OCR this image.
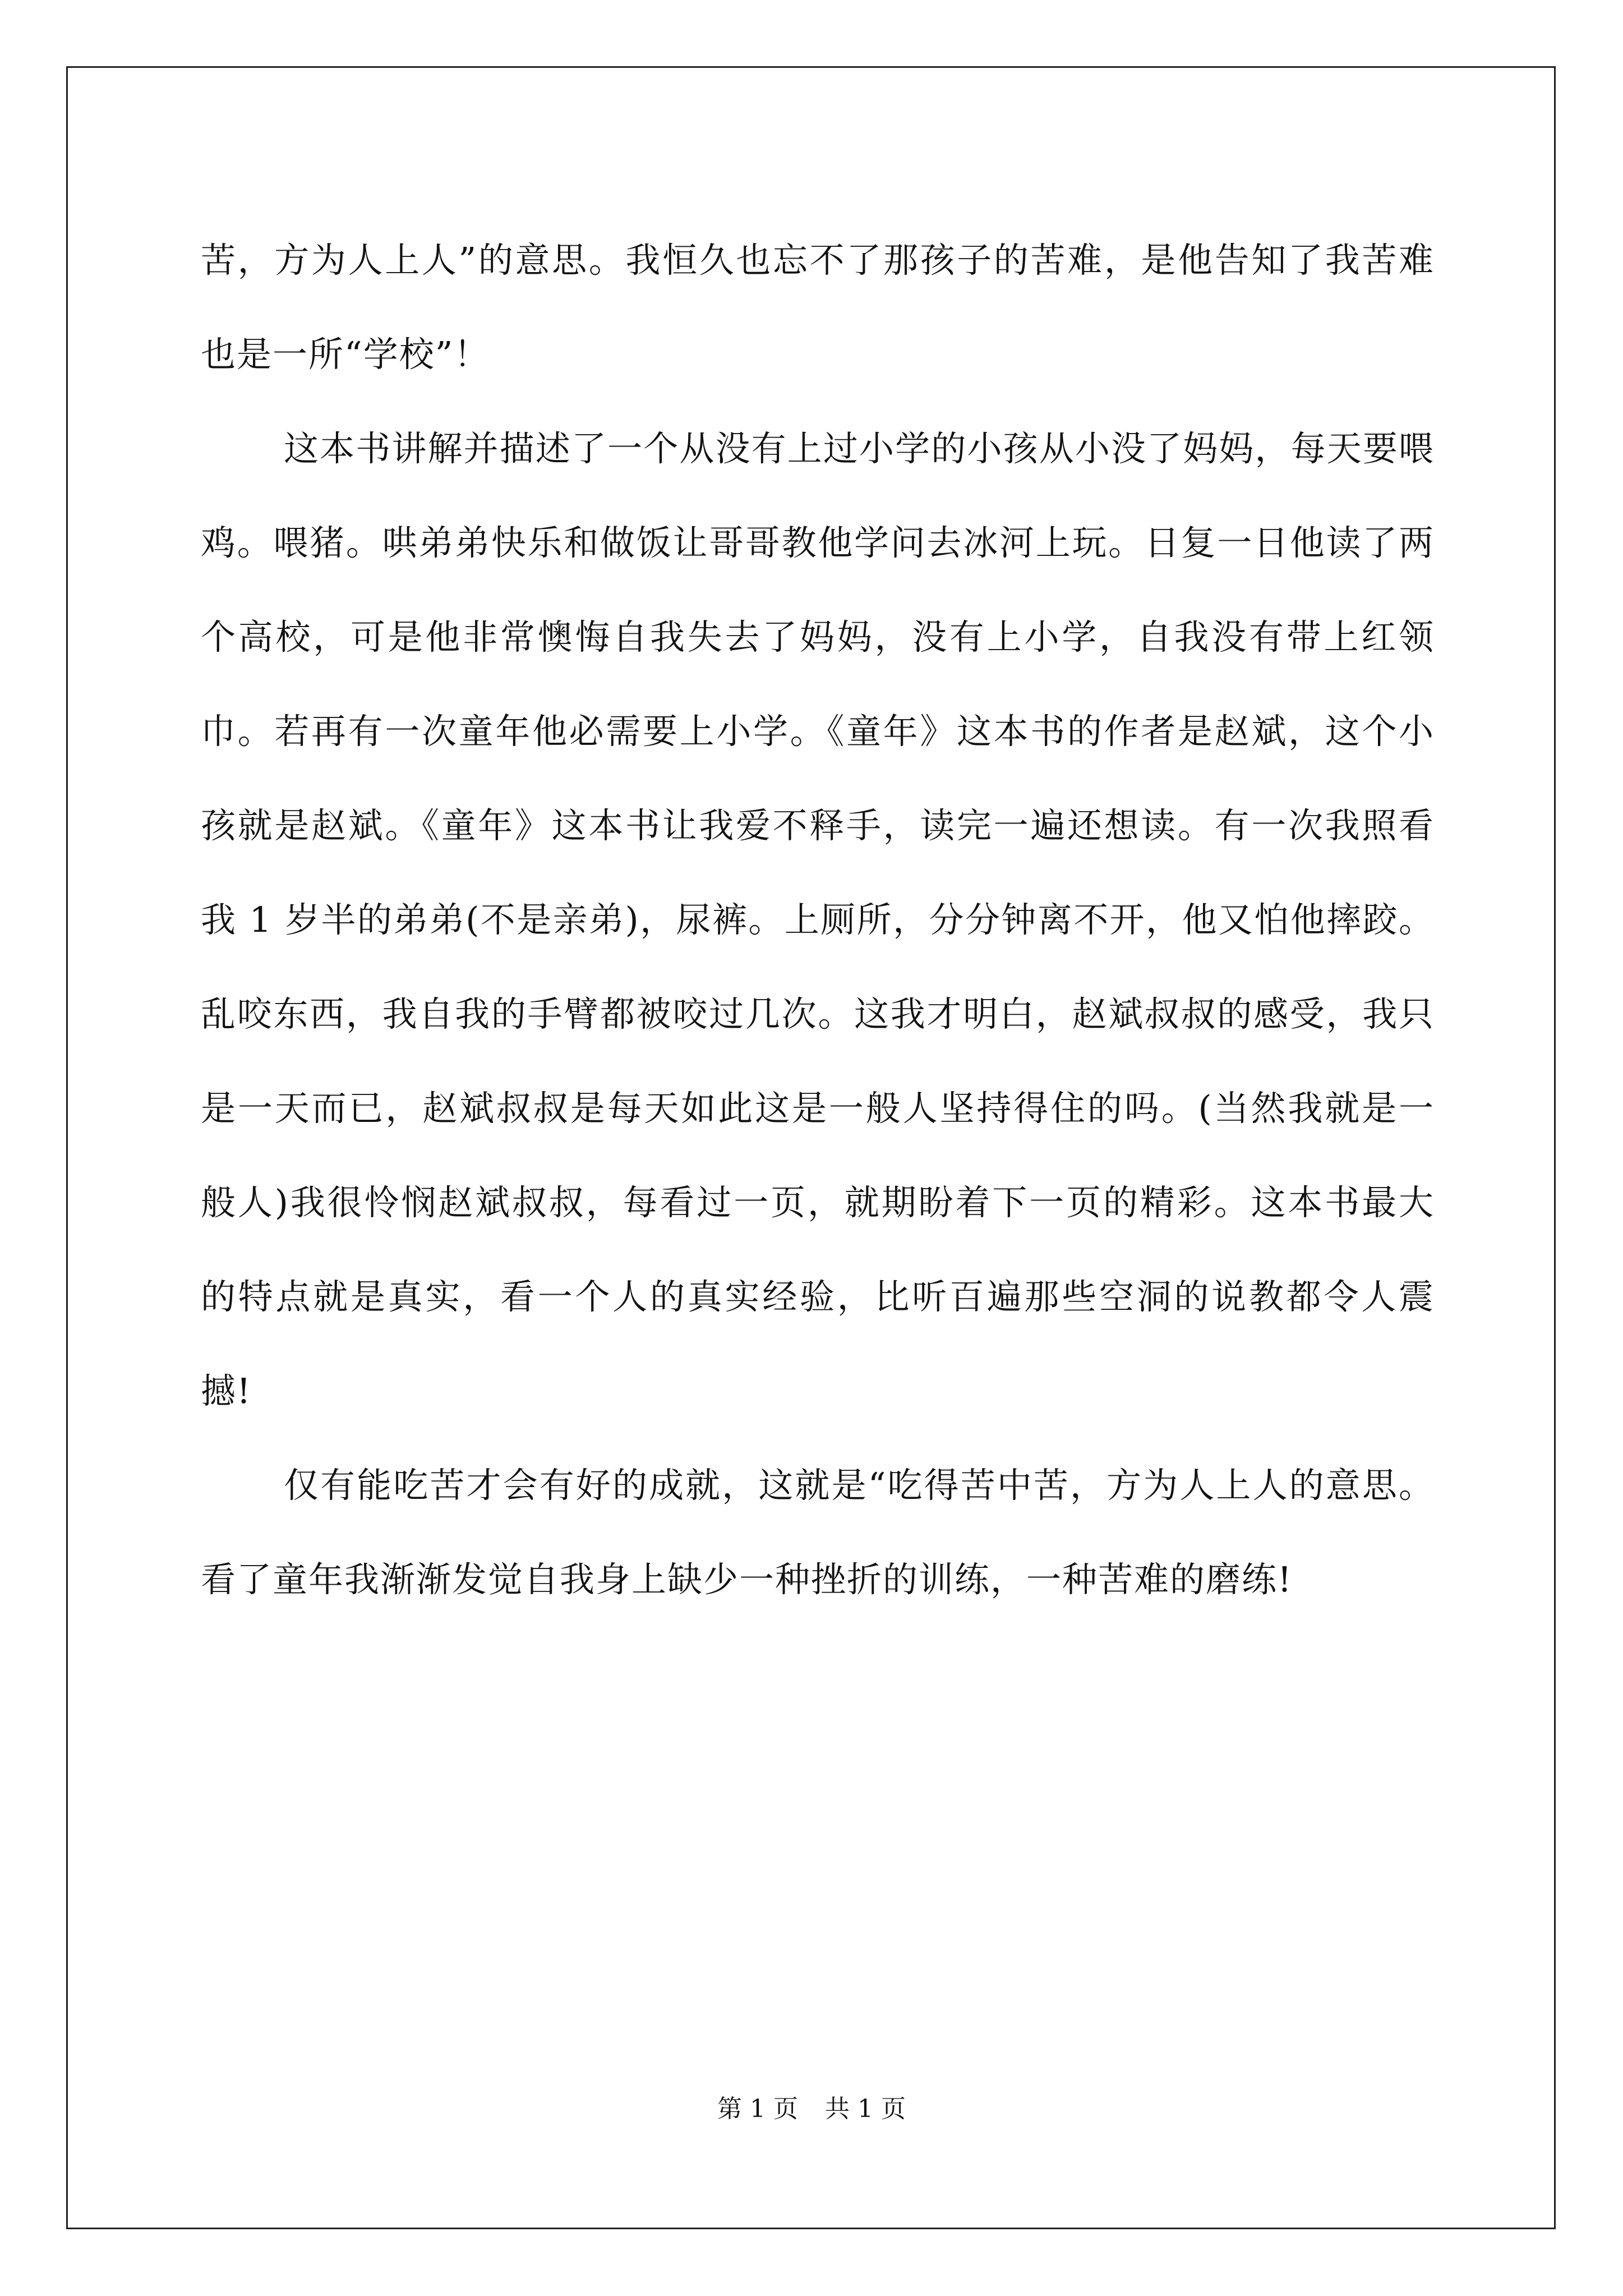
苦，方为人上人”的意思。我恒久也忘不了那孩子的苦难，是他告知了我苦难也是一所“学校”！

这本书讲解并描述了一个从没有上过小学的小孩从小没了妈妈，每天要喂鸡。喂猪。哄弟弟快乐和做饭让哥哥教他学问去冰河上玩。日复一日他读了两个高校，可是他非常懊悔自我失去了妈妈，没有上小学，自我没有带上红领巾。若再有一次童年他必需要上小学。《童年》这本书的作者是赵斌，这个小孩就是赵斌。《童年》这本书让我爱不释手，读完一遍还想读。有一次我照看我 1 岁半的弟弟(不是亲弟)，尿裤。上厕所，分分钟离不开，他又怕他摔跤。乱咬东西，我自我的手臂都被咬过几次。这我才明白，赵斌叔叔的感受，我只是一天而已，赵斌叔叔是每天如此这是一般人坚持得住的吗。(当然我就是一般人)我很怜悯赵斌叔叔，每看过一页，就期盼着下一页的精彩。这本书最大的特点就是真实，看一个人的真实经验，比听百遍那些空洞的说教都令人震撼!

仅有能吃苦才会有好的成就，这就是“吃得苦中苦，方为人上人的意思。看了童年我渐渐发觉自我身上缺少一种挫折的训练，一种苦难的磨练!

第 1 页 共 1 页
